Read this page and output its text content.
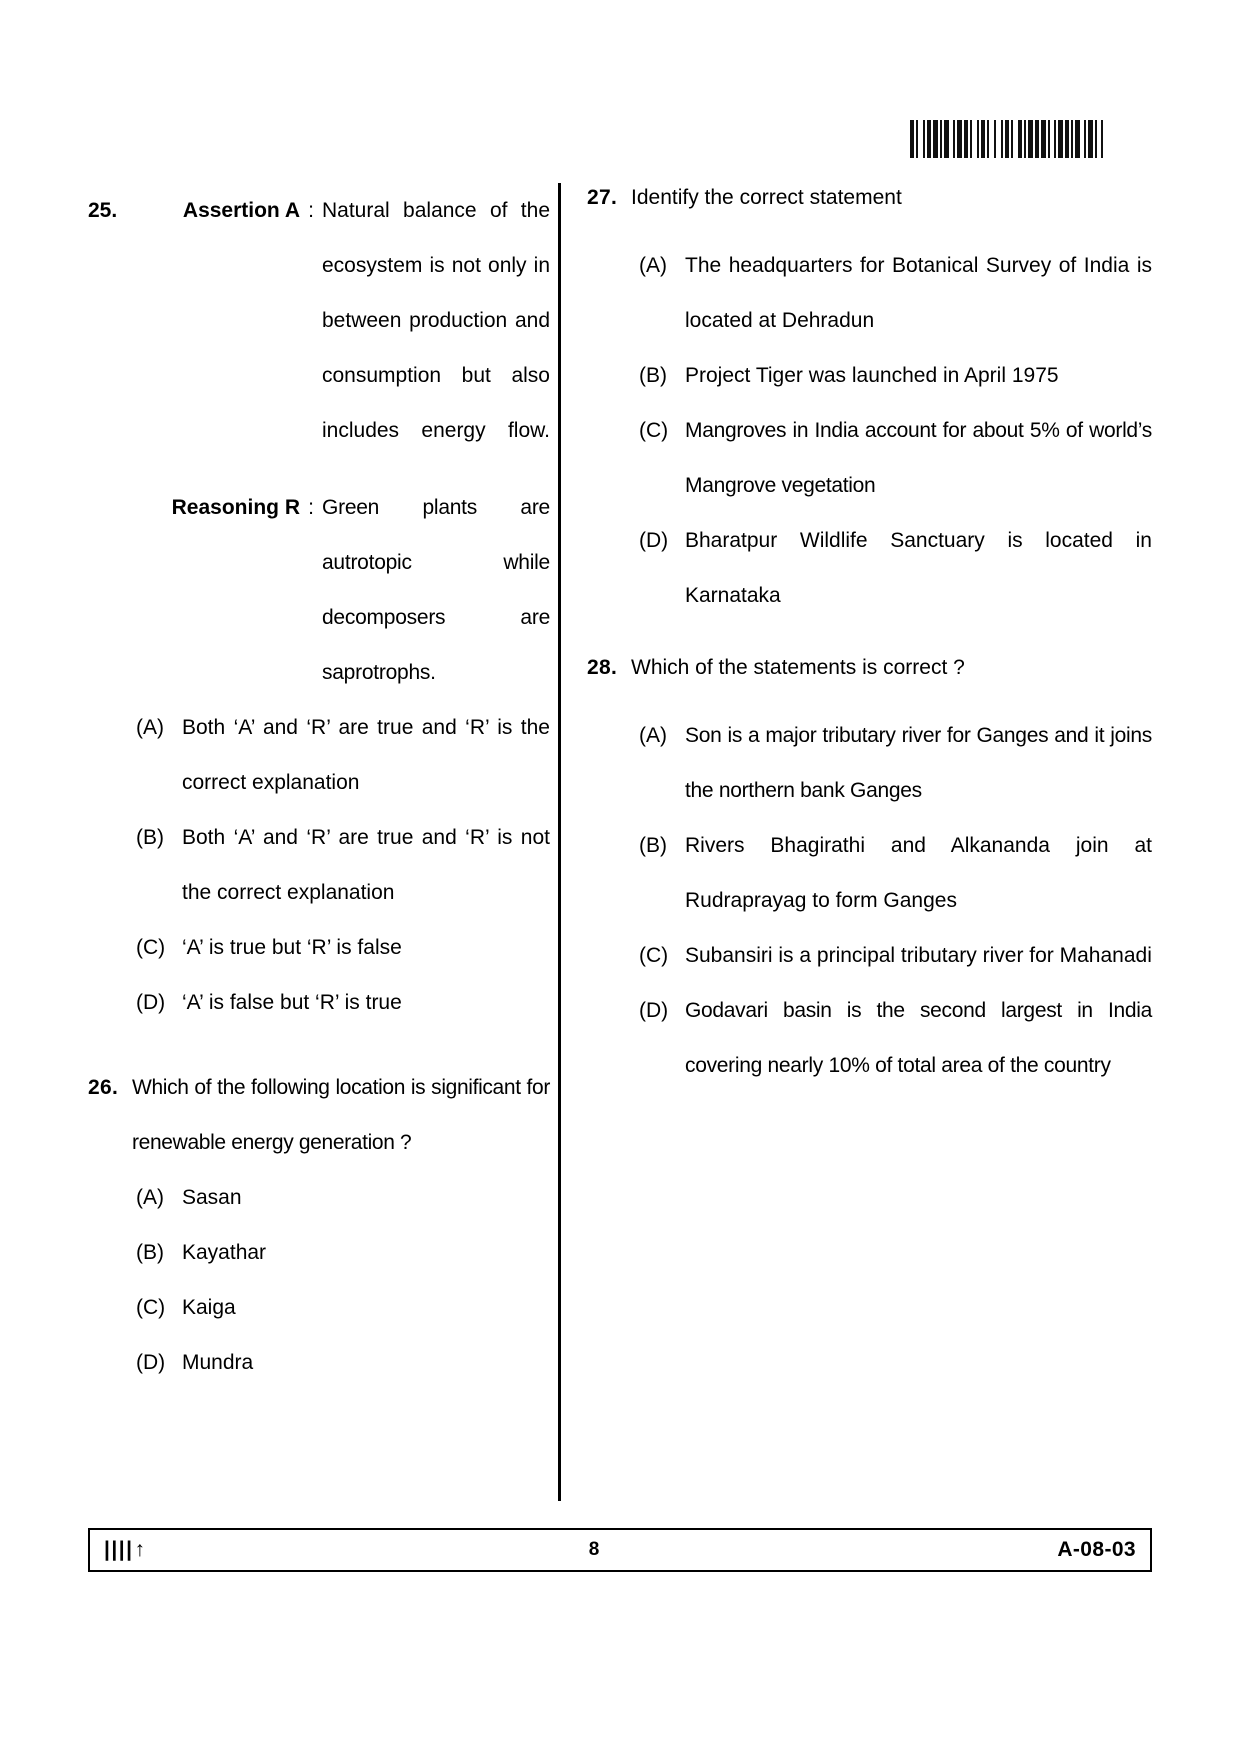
25.	Assertion A : Natural balance of the ecosystem is not only in between production and consumption but also includes energy flow.
Reasoning R : Green plants are autrotopic while decomposers are saprotrophs.
(A) Both ‘A’ and ‘R’ are true and ‘R’ is the correct explanation
(B) Both ‘A’ and ‘R’ are true and ‘R’ is not the correct explanation
(C) ‘A’ is true but ‘R’ is false
(D) ‘A’ is false but ‘R’ is true
26. Which of the following location is significant for renewable energy generation ?
(A) Sasan
(B) Kayathar
(C) Kaiga
(D) Mundra
27. Identify the correct statement
(A) The headquarters for Botanical Survey of India is located at Dehradun
(B) Project Tiger was launched in April 1975
(C) Mangroves in India account for about 5% of world’s Mangrove vegetation
(D) Bharatpur Wildlife Sanctuary is located in Karnataka
28. Which of the statements is correct ?
(A) Son is a major tributary river for Ganges and it joins the northern bank Ganges
(B) Rivers Bhagirathi and Alkananda join at Rudraprayag to form Ganges
(C) Subansiri is a principal tributary river for Mahanadi
(D) Godavari basin is the second largest in India covering nearly 10% of total area of the country
|||| ↑	8	A-08-03
